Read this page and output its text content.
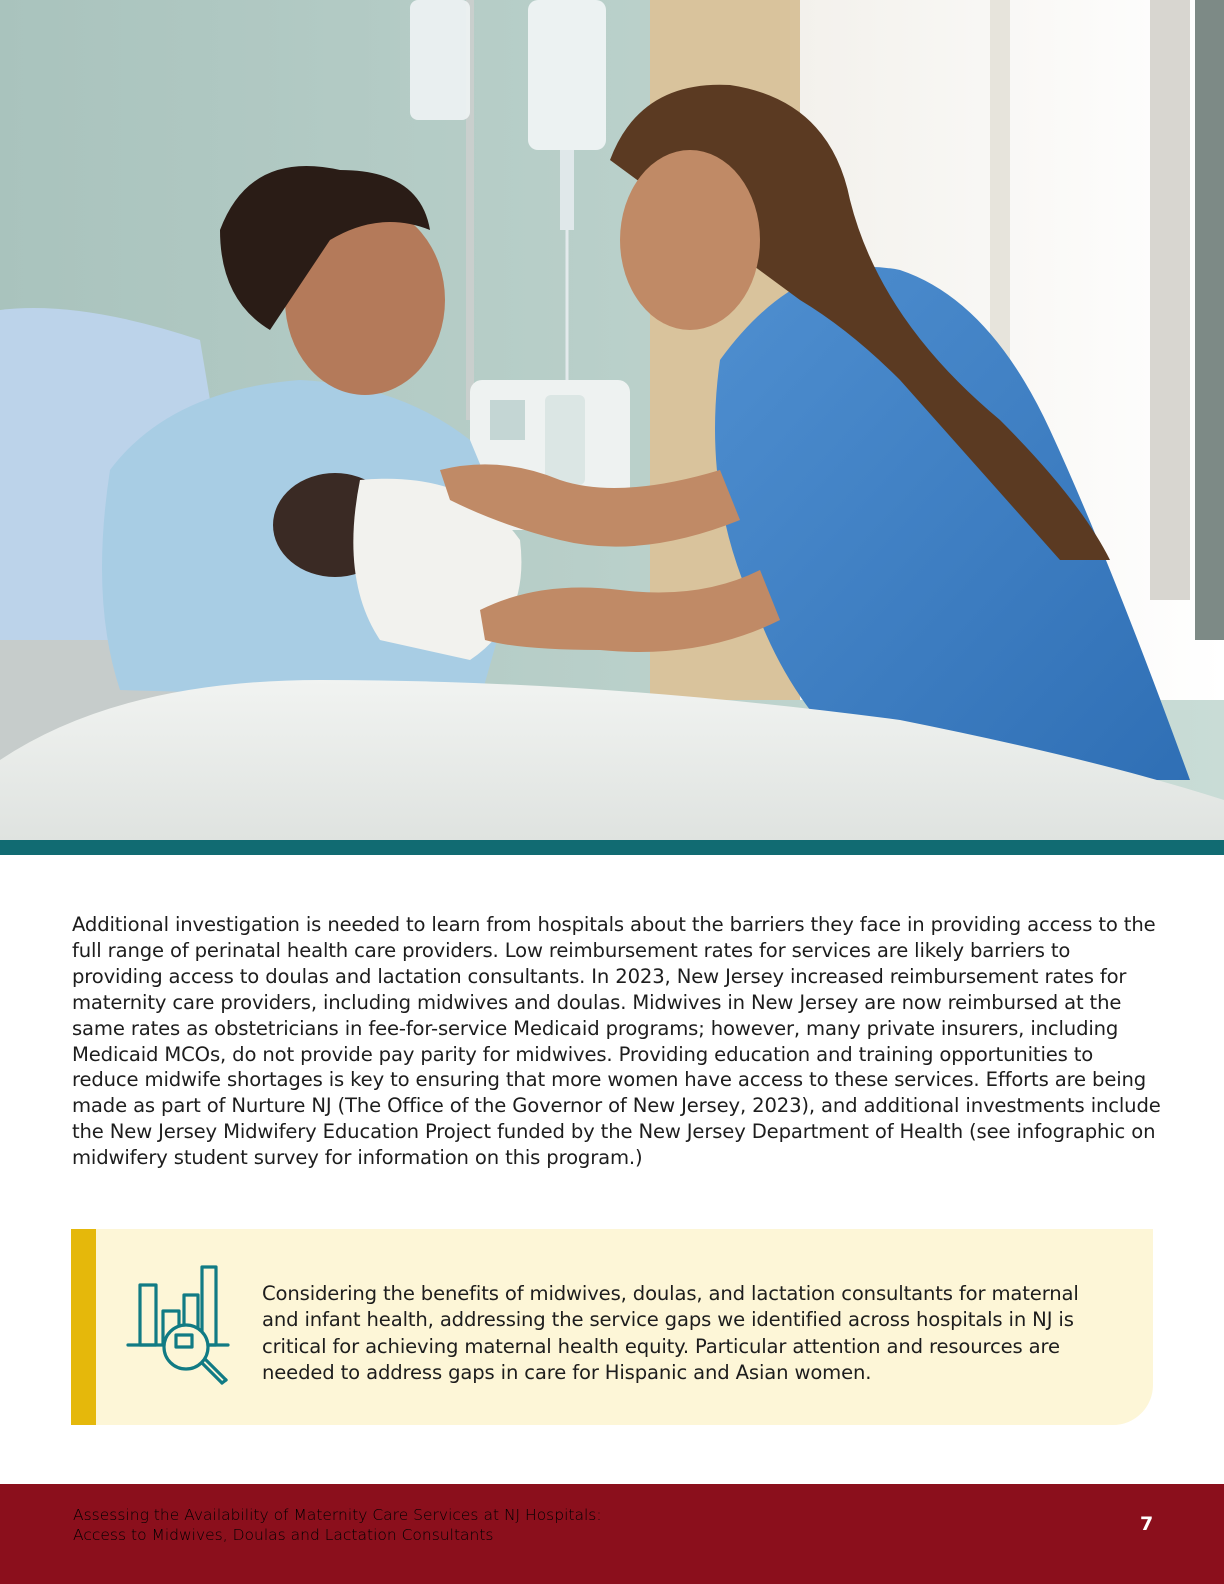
Additional investigation is needed to learn from hospitals about the barriers they face in providing access to the full range of perinatal health care providers. Low reimbursement rates for services are likely barriers to providing access to doulas and lactation consultants. In 2023, New Jersey increased reimbursement rates for maternity care providers, including midwives and doulas. Midwives in New Jersey are now reimbursed at the same rates as obstetricians in fee-for-service Medicaid programs; however, many private insurers, including Medicaid MCOs, do not provide pay parity for midwives. Providing education and training opportunities to reduce midwife shortages is key to ensuring that more women have access to these services. Efforts are being made as part of Nurture NJ (The Office of the Governor of New Jersey, 2023), and additional investments include the New Jersey Midwifery Education Project funded by the New Jersey Department of Health (see infographic on midwifery student survey for information on this program.)

Considering the benefits of midwives, doulas, and lactation consultants for maternal and infant health, addressing the service gaps we identified across hospitals in NJ is critical for achieving maternal health equity. Particular attention and resources are needed to address gaps in care for Hispanic and Asian women.

Assessing the Availability of Maternity Care Services at NJ Hospitals:
Access to Midwives, Doulas and Lactation Consultants	7
